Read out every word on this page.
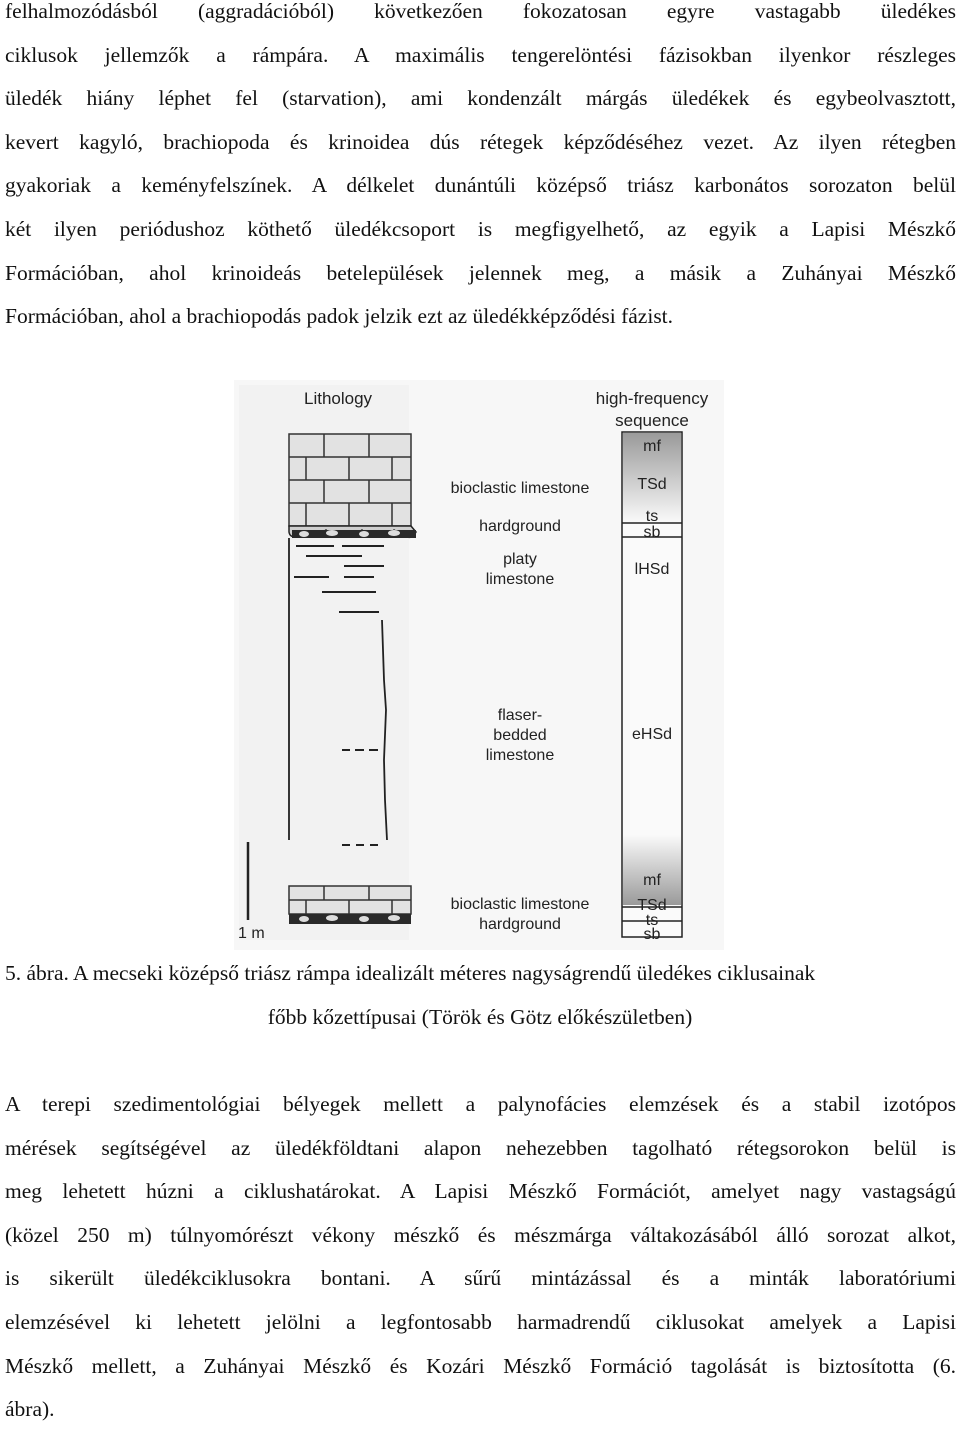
felhalmozódásból (aggradációból) következően fokozatosan egyre vastagabb üledékes
ciklusok jellemzők a rámpára. A maximális tengerelöntési fázisokban ilyenkor részleges
üledék hiány léphet fel (starvation), ami kondenzált márgás üledékek és egybeolvasztott,
kevert kagyló, brachiopoda és krinoidea dús rétegek képződéséhez vezet. Az ilyen rétegben
gyakoriak a keményfelszínek. A délkelet dunántúli középső triász karbonátos sorozaton belül
két ilyen periódushoz köthető üledékcsoport is megfigyelhető, az egyik a Lapisi Mészkő
Formációban, ahol krinoideás betelepülések jelennek meg, a másik a Zuhányai Mészkő
Formációban, ahol a brachiopodás padok jelzik ezt az üledékképződési fázist.
Lithology	high-frequency
sequence
1 m
bioclastic limestone
hardground
platy
limestone
flaser-
bedded
limestone
bioclastic limestone
hardground
mf
TSd
ts
sb
lHSd
eHSd
mf
TSd
ts
sb
5. ábra. A mecseki középső triász rámpa idealizált méteres nagyságrendű üledékes ciklusainak
főbb kőzettípusai (Török és Götz előkészületben)
A terepi szedimentológiai bélyegek mellett a palynofácies elemzések és a stabil izotópos
mérések segítségével az üledékföldtani alapon nehezebben tagolható rétegsorokon belül is
meg lehetett húzni a ciklushatárokat. A Lapisi Mészkő Formációt, amelyet nagy vastagságú
(közel 250 m) túlnyomórészt vékony mészkő és mészmárga váltakozásából álló sorozat alkot,
is sikerült üledékciklusokra bontani. A sűrű mintázással és a minták laboratóriumi
elemzésével ki lehetett jelölni a legfontosabb harmadrendű ciklusokat amelyek a Lapisi
Mészkő mellett, a Zuhányai Mészkő és Kozári Mészkő Formáció tagolását is biztosította (6.
ábra).
